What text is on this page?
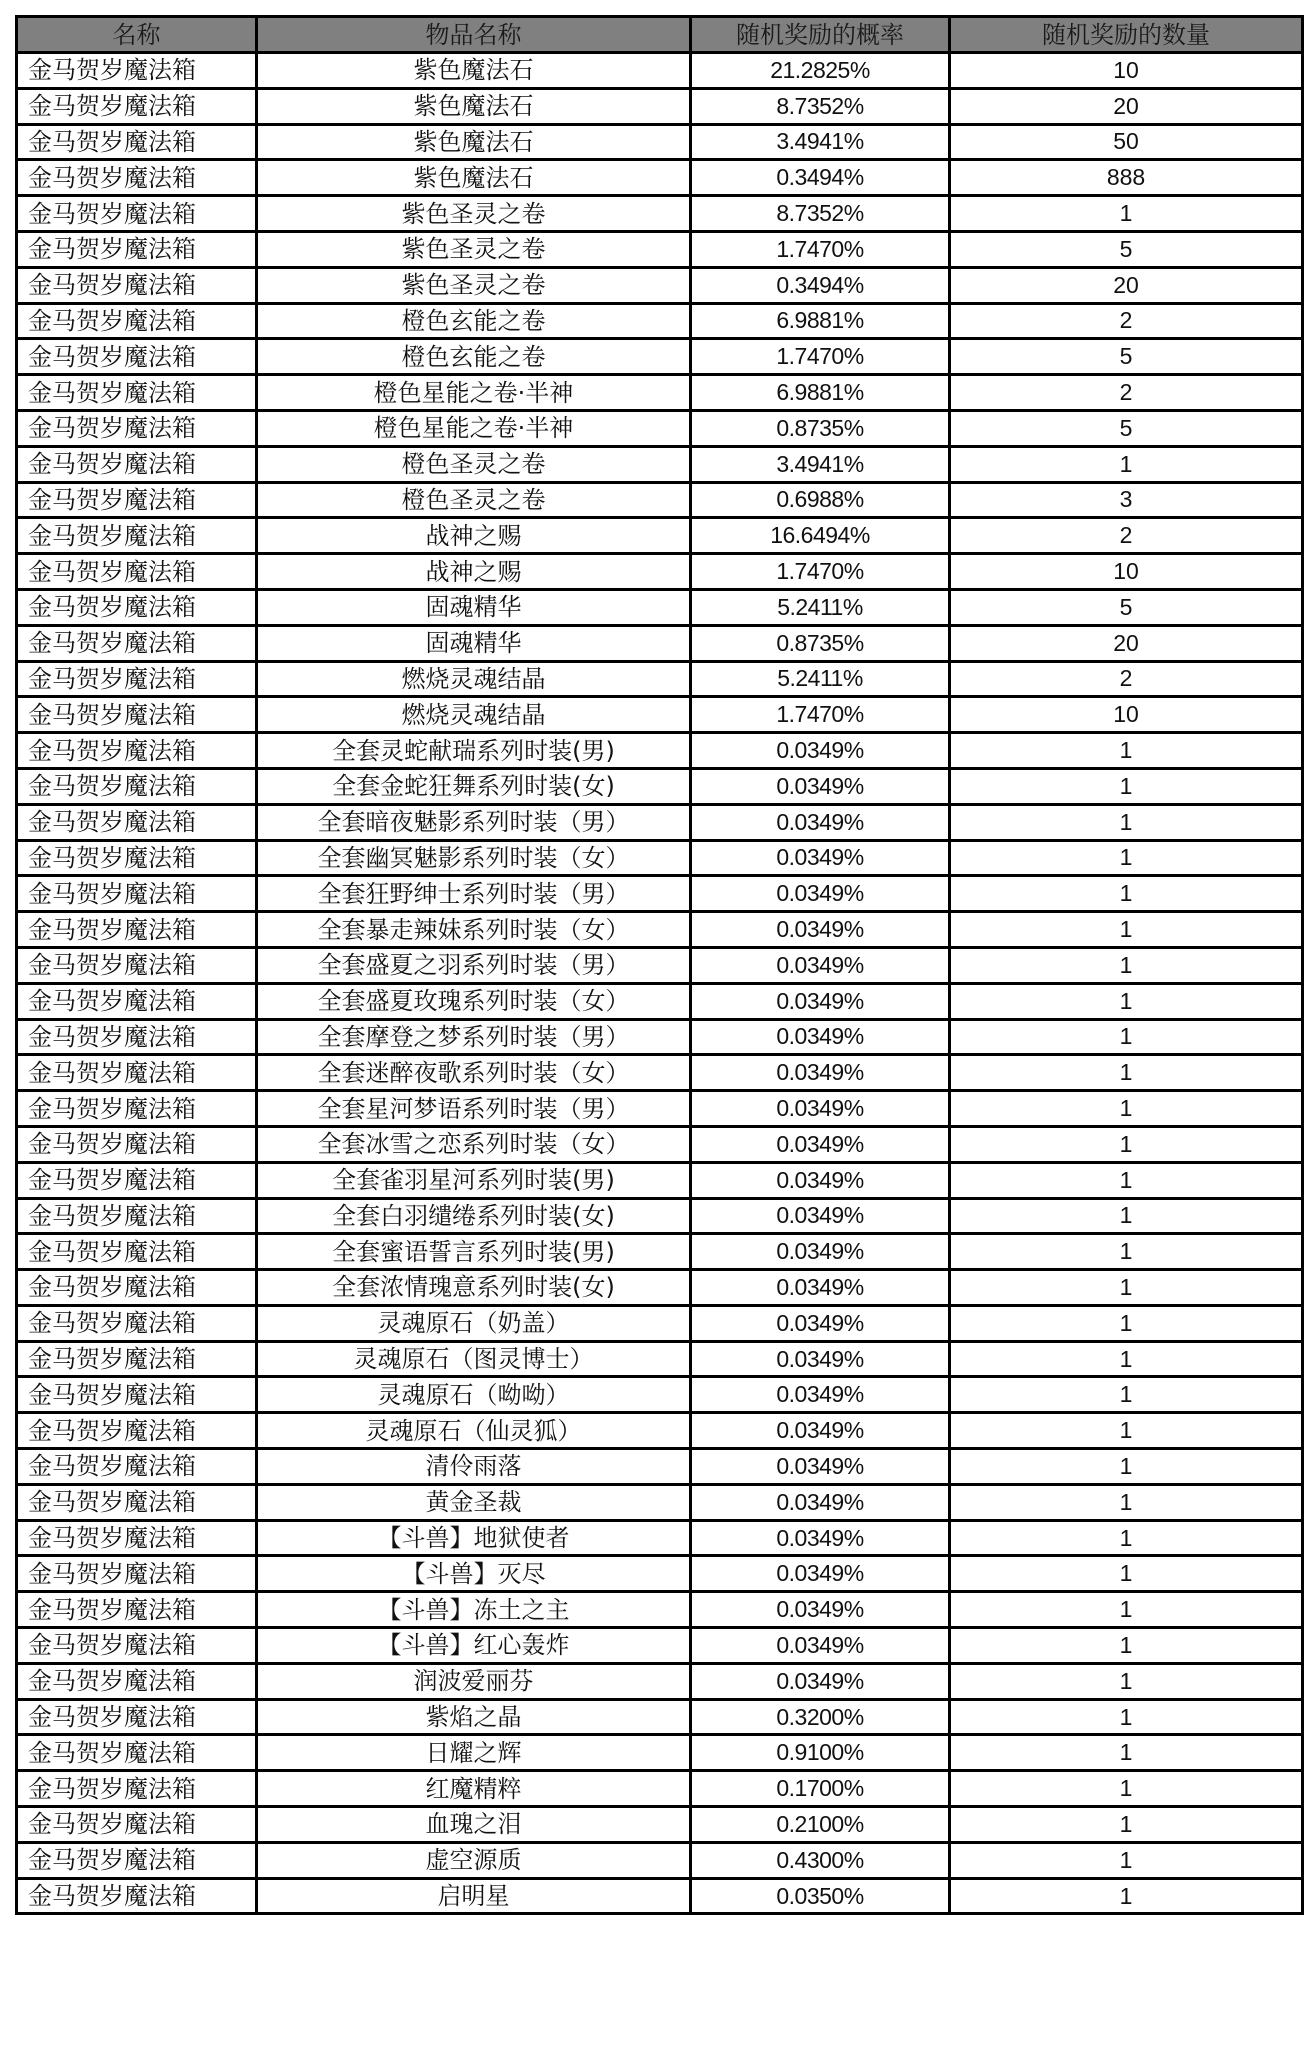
名称	物品名称	随机奖励的概率	随机奖励的数量
金马贺岁魔法箱	紫色魔法石	21.2825%	10
金马贺岁魔法箱	紫色魔法石	8.7352%	20
金马贺岁魔法箱	紫色魔法石	3.4941%	50
金马贺岁魔法箱	紫色魔法石	0.3494%	888
金马贺岁魔法箱	紫色圣灵之卷	8.7352%	1
金马贺岁魔法箱	紫色圣灵之卷	1.7470%	5
金马贺岁魔法箱	紫色圣灵之卷	0.3494%	20
金马贺岁魔法箱	橙色玄能之卷	6.9881%	2
金马贺岁魔法箱	橙色玄能之卷	1.7470%	5
金马贺岁魔法箱	橙色星能之卷·半神	6.9881%	2
金马贺岁魔法箱	橙色星能之卷·半神	0.8735%	5
金马贺岁魔法箱	橙色圣灵之卷	3.4941%	1
金马贺岁魔法箱	橙色圣灵之卷	0.6988%	3
金马贺岁魔法箱	战神之赐	16.6494%	2
金马贺岁魔法箱	战神之赐	1.7470%	10
金马贺岁魔法箱	固魂精华	5.2411%	5
金马贺岁魔法箱	固魂精华	0.8735%	20
金马贺岁魔法箱	燃烧灵魂结晶	5.2411%	2
金马贺岁魔法箱	燃烧灵魂结晶	1.7470%	10
金马贺岁魔法箱	全套灵蛇献瑞系列时装(男)	0.0349%	1
金马贺岁魔法箱	全套金蛇狂舞系列时装(女)	0.0349%	1
金马贺岁魔法箱	全套暗夜魅影系列时装（男）	0.0349%	1
金马贺岁魔法箱	全套幽冥魅影系列时装（女）	0.0349%	1
金马贺岁魔法箱	全套狂野绅士系列时装（男）	0.0349%	1
金马贺岁魔法箱	全套暴走辣妹系列时装（女）	0.0349%	1
金马贺岁魔法箱	全套盛夏之羽系列时装（男）	0.0349%	1
金马贺岁魔法箱	全套盛夏玫瑰系列时装（女）	0.0349%	1
金马贺岁魔法箱	全套摩登之梦系列时装（男）	0.0349%	1
金马贺岁魔法箱	全套迷醉夜歌系列时装（女）	0.0349%	1
金马贺岁魔法箱	全套星河梦语系列时装（男）	0.0349%	1
金马贺岁魔法箱	全套冰雪之恋系列时装（女）	0.0349%	1
金马贺岁魔法箱	全套雀羽星河系列时装(男)	0.0349%	1
金马贺岁魔法箱	全套白羽缱绻系列时装(女)	0.0349%	1
金马贺岁魔法箱	全套蜜语誓言系列时装(男)	0.0349%	1
金马贺岁魔法箱	全套浓情瑰意系列时装(女)	0.0349%	1
金马贺岁魔法箱	灵魂原石（奶盖）	0.0349%	1
金马贺岁魔法箱	灵魂原石（图灵博士）	0.0349%	1
金马贺岁魔法箱	灵魂原石（呦呦）	0.0349%	1
金马贺岁魔法箱	灵魂原石（仙灵狐）	0.0349%	1
金马贺岁魔法箱	清伶雨落	0.0349%	1
金马贺岁魔法箱	黄金圣裁	0.0349%	1
金马贺岁魔法箱	【斗兽】地狱使者	0.0349%	1
金马贺岁魔法箱	【斗兽】灭尽	0.0349%	1
金马贺岁魔法箱	【斗兽】冻土之主	0.0349%	1
金马贺岁魔法箱	【斗兽】红心轰炸	0.0349%	1
金马贺岁魔法箱	润波爱丽芬	0.0349%	1
金马贺岁魔法箱	紫焰之晶	0.3200%	1
金马贺岁魔法箱	日耀之辉	0.9100%	1
金马贺岁魔法箱	红魔精粹	0.1700%	1
金马贺岁魔法箱	血瑰之泪	0.2100%	1
金马贺岁魔法箱	虚空源质	0.4300%	1
金马贺岁魔法箱	启明星	0.0350%	1
